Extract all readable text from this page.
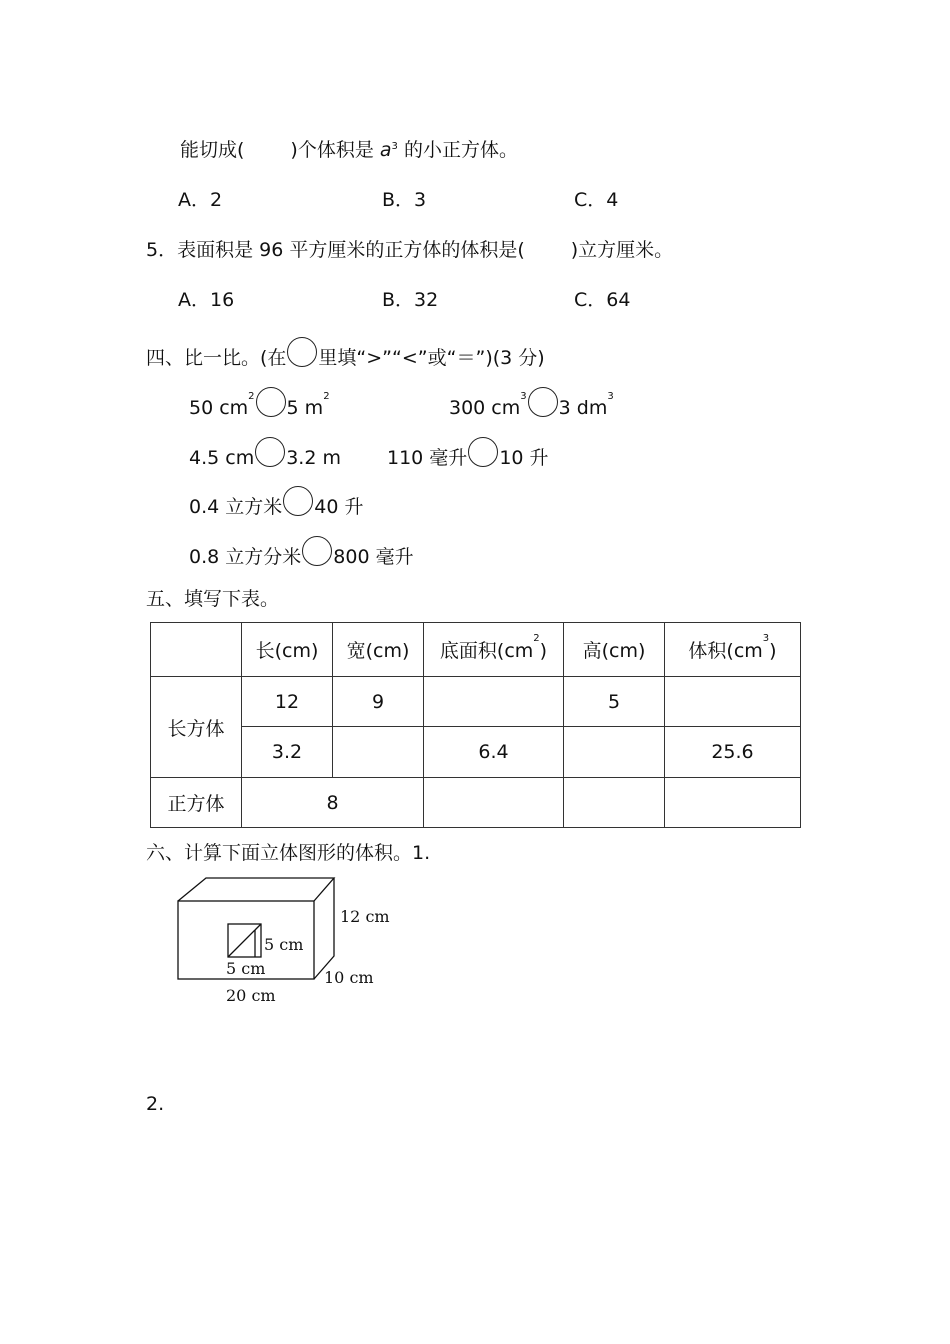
能切成( )个体积是 $a^3$ 的小正方体。
A．2	B．3	C．4
5．表面积是 96 平方厘米的正方体的体积是( )立方厘米。
A．16	B．32	C．64
四、比一比。(在 里填“>”“<”或“＝”)(3 分)
50 $cm^25$ $m^2$
300 $cm^33$ $dm^3$
4.5 cm 3.2 m 110 毫升 10 升
0.4 立方米 40 升
0.8 立方分米 800 毫升
五、填写下表。
	长(cm)	宽(cm)	底面积$(cm^2)$	高(cm)	体积$(cm^3)$
长方体	12	9		5	
	3.2		6.4		25.6
正方体	8				
六、计算下面立体图形的体积。1.
12 cm
5 cm
5 cm	10 cm
20 cm
2.
